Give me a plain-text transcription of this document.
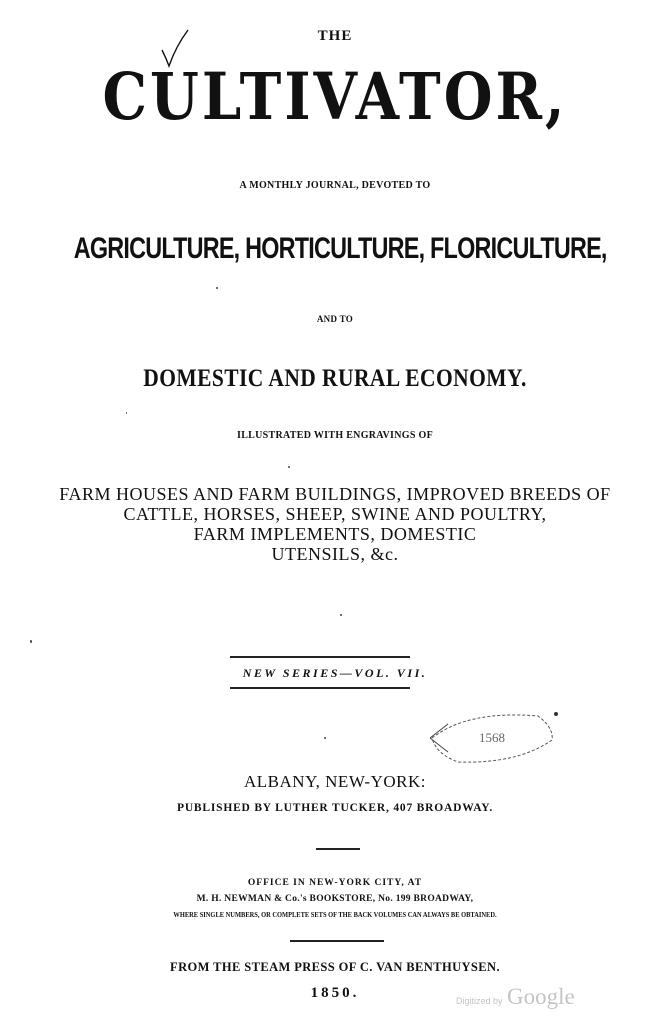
THE
CULTIVATOR,
A MONTHLY JOURNAL, DEVOTED TO
AGRICULTURE, HORTICULTURE, FLORICULTURE,
AND TO
DOMESTIC AND RURAL ECONOMY.
ILLUSTRATED WITH ENGRAVINGS OF
FARM HOUSES AND FARM BUILDINGS, IMPROVED BREEDS OF
CATTLE, HORSES, SHEEP, SWINE AND POULTRY,
FARM IMPLEMENTS, DOMESTIC
UTENSILS, &c.
NEW SERIES—VOL. VII.
1568
ALBANY, NEW-YORK:
PUBLISHED BY LUTHER TUCKER, 407 BROADWAY.
OFFICE IN NEW-YORK CITY, AT
M. H. NEWMAN & Co.'s BOOKSTORE, No. 199 BROADWAY,
WHERE SINGLE NUMBERS, OR COMPLETE SETS OF THE BACK VOLUMES CAN ALWAYS BE OBTAINED.
FROM THE STEAM PRESS OF C. VAN BENTHUYSEN.
1850.	Digitized by Google
